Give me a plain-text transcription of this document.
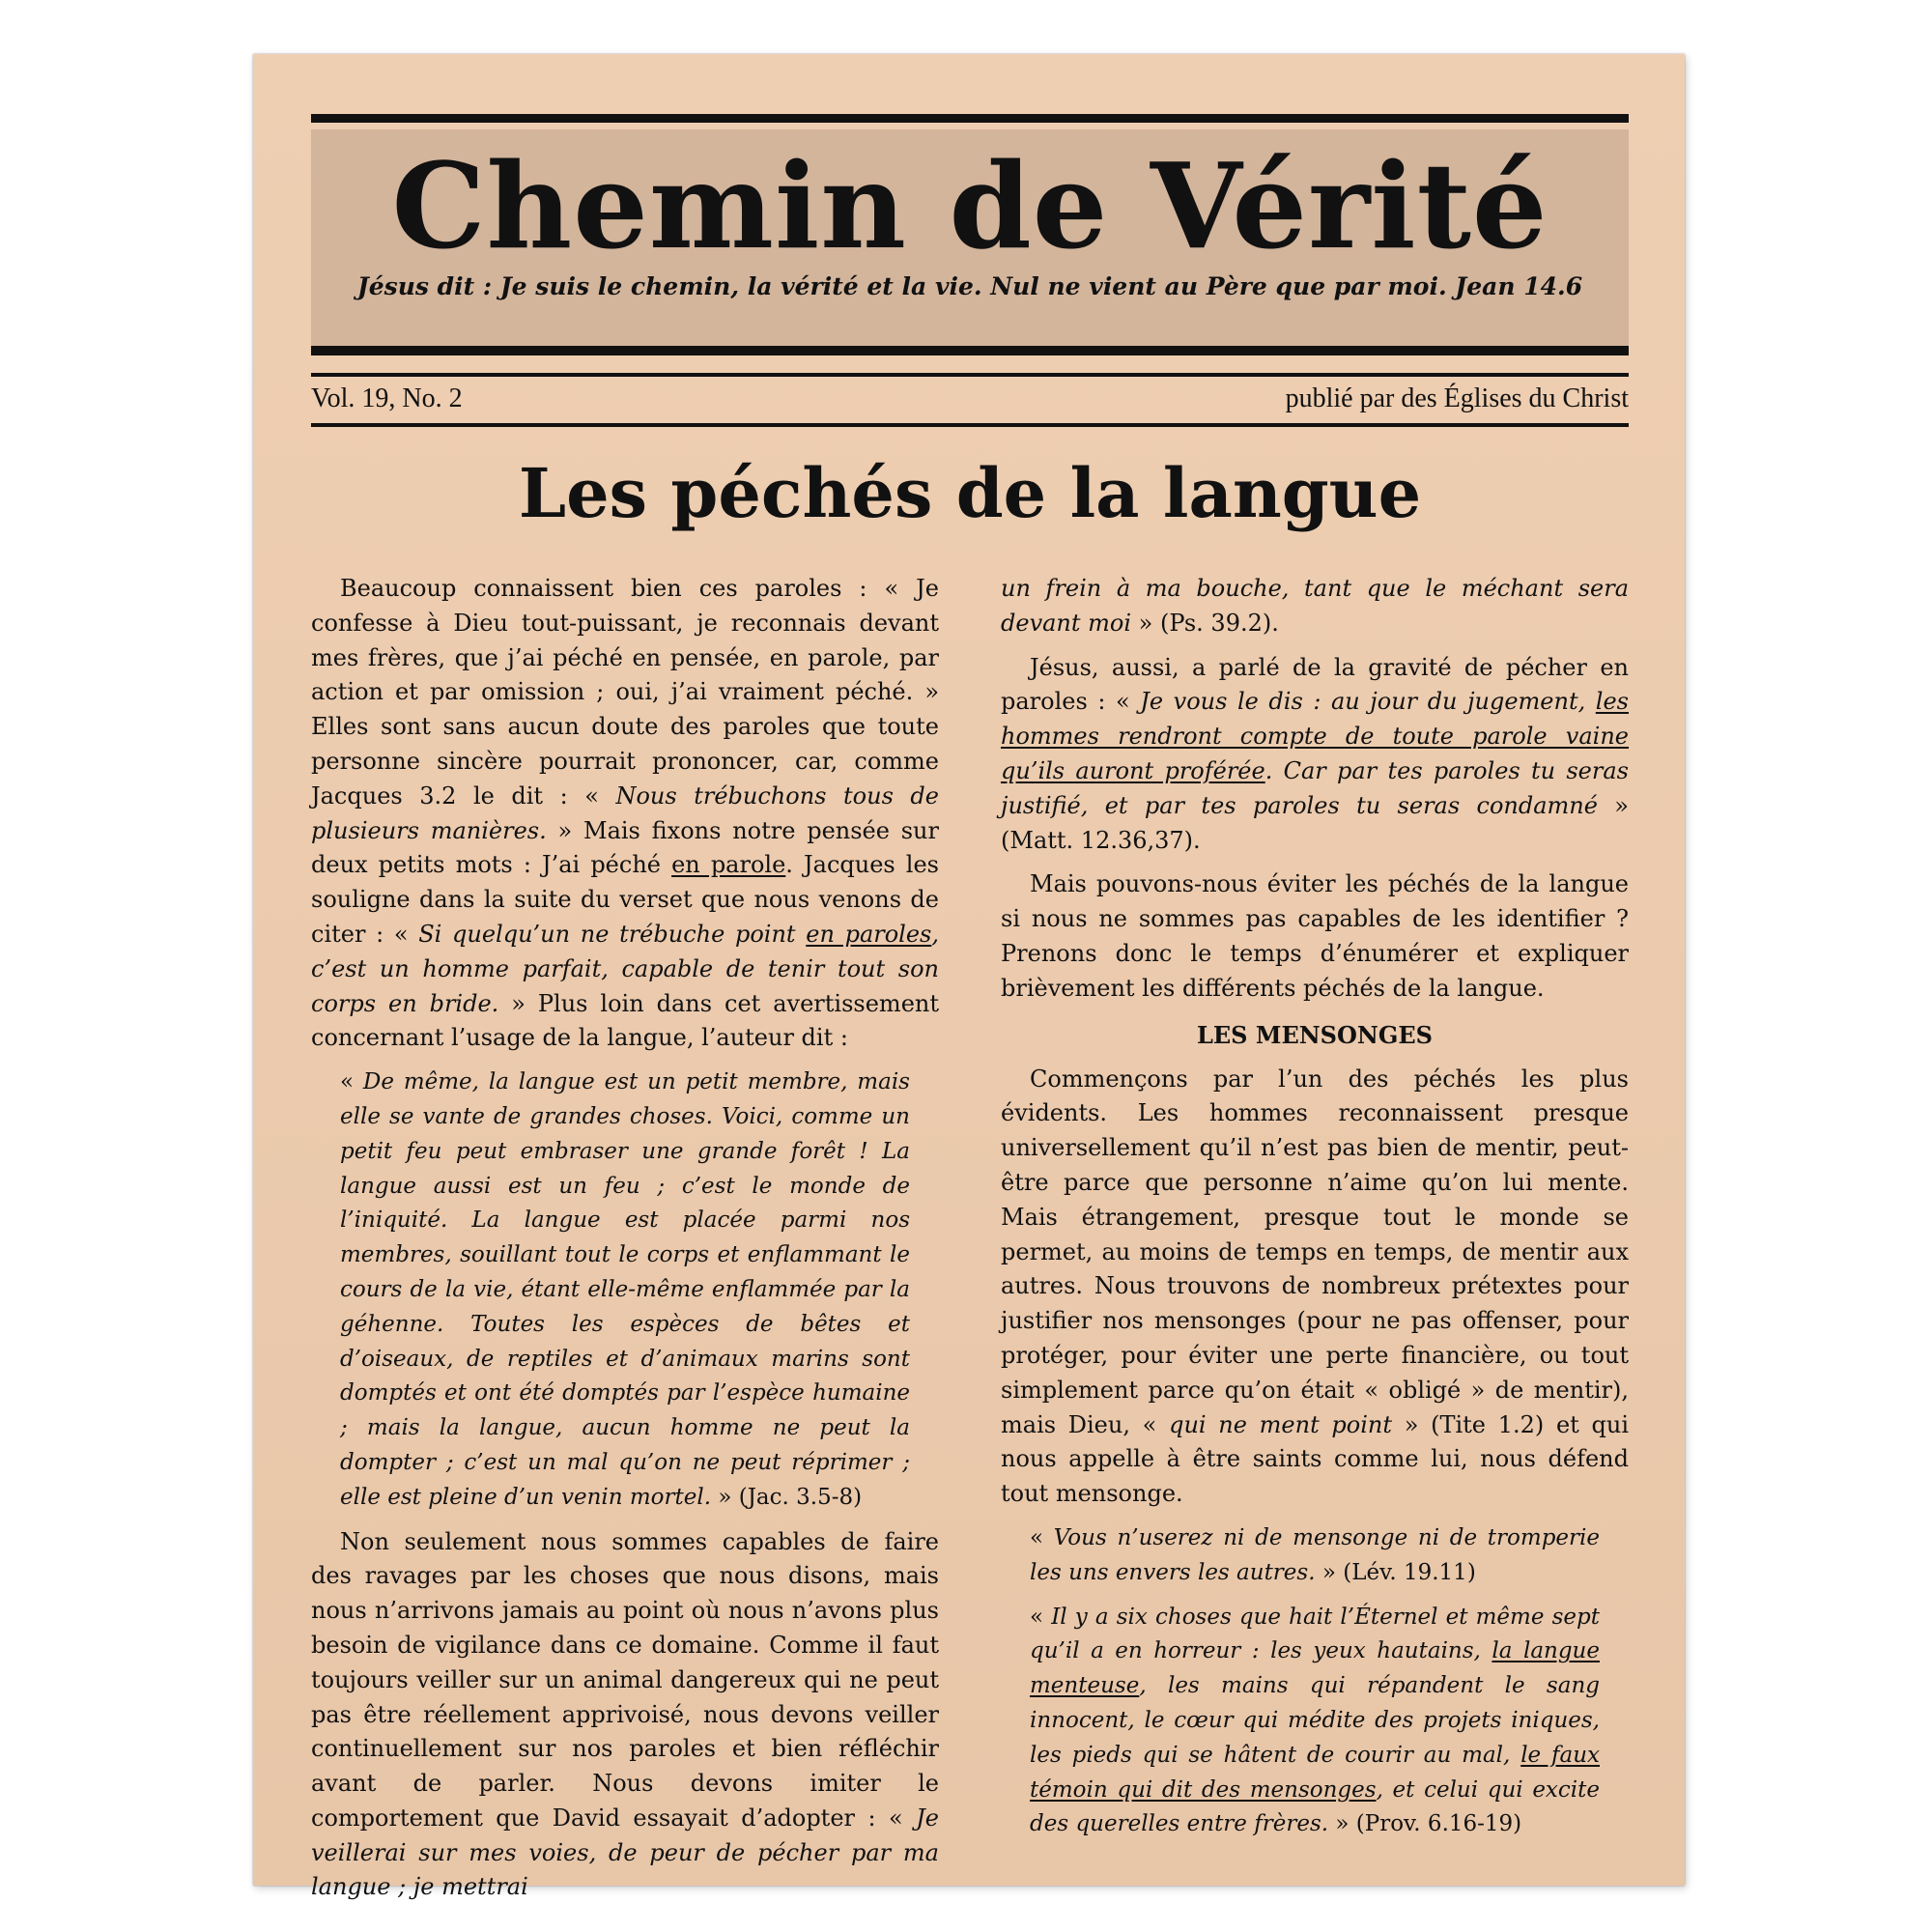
Chemin de Vérité
Jésus dit : Je suis le chemin, la vérité et la vie. Nul ne vient au Père que par moi. Jean 14.6
Vol. 19, No. 2	publié par des Églises du Christ
Les péchés de la langue

Beaucoup connaissent bien ces paroles : « Je confesse à Dieu tout-puissant, je reconnais devant mes frères, que j’ai péché en pensée, en parole, par action et par omission ; oui, j’ai vraiment péché. » Elles sont sans aucun doute des paroles que toute personne sincère pourrait prononcer, car, comme Jacques 3.2 le dit : « Nous trébuchons tous de plusieurs manières. » Mais fixons notre pensée sur deux petits mots : J’ai péché en parole. Jacques les souligne dans la suite du verset que nous venons de citer : « Si quelqu’un ne trébuche point en paroles, c’est un homme parfait, capable de tenir tout son corps en bride. » Plus loin dans cet avertissement concernant l’usage de la langue, l’auteur dit :

« De même, la langue est un petit membre, mais elle se vante de grandes choses. Voici, comme un petit feu peut embraser une grande forêt ! La langue aussi est un feu ; c’est le monde de l’iniquité. La langue est placée parmi nos membres, souillant tout le corps et enflammant le cours de la vie, étant elle-même enflammée par la géhenne. Toutes les espèces de bêtes et d’oiseaux, de reptiles et d’animaux marins sont domptés et ont été domptés par l’espèce humaine ; mais la langue, aucun homme ne peut la dompter ; c’est un mal qu’on ne peut réprimer ; elle est pleine d’un venin mortel. » (Jac. 3.5-8)

Non seulement nous sommes capables de faire des ravages par les choses que nous disons, mais nous n’arrivons jamais au point où nous n’avons plus besoin de vigilance dans ce domaine. Comme il faut toujours veiller sur un animal dangereux qui ne peut pas être réellement apprivoisé, nous devons veiller continuellement sur nos paroles et bien réfléchir avant de parler. Nous devons imiter le comportement que David essayait d’adopter : « Je veillerai sur mes voies, de peur de pécher par ma langue ; je mettrai

un frein à ma bouche, tant que le méchant sera devant moi » (Ps. 39.2).

Jésus, aussi, a parlé de la gravité de pécher en paroles : « Je vous le dis : au jour du jugement, les hommes rendront compte de toute parole vaine qu’ils auront proférée. Car par tes paroles tu seras justifié, et par tes paroles tu seras condamné » (Matt. 12.36,37).

Mais pouvons-nous éviter les péchés de la langue si nous ne sommes pas capables de les identifier ? Prenons donc le temps d’énumérer et expliquer brièvement les différents péchés de la langue.

LES MENSONGES

Commençons par l’un des péchés les plus évidents. Les hommes reconnaissent presque universellement qu’il n’est pas bien de mentir, peut-être parce que personne n’aime qu’on lui mente. Mais étrangement, presque tout le monde se permet, au moins de temps en temps, de mentir aux autres. Nous trouvons de nombreux prétextes pour justifier nos mensonges (pour ne pas offenser, pour protéger, pour éviter une perte financière, ou tout simplement parce qu’on était « obligé » de mentir), mais Dieu, « qui ne ment point » (Tite 1.2) et qui nous appelle à être saints comme lui, nous défend tout mensonge.

« Vous n’userez ni de mensonge ni de tromperie les uns envers les autres. » (Lév. 19.11)
« Il y a six choses que hait l’Éternel et même sept qu’il a en horreur : les yeux hautains, la langue menteuse, les mains qui répandent le sang innocent, le cœur qui médite des projets iniques, les pieds qui se hâtent de courir au mal, le faux témoin qui dit des mensonges, et celui qui excite des querelles entre frères. » (Prov. 6.16-19)
